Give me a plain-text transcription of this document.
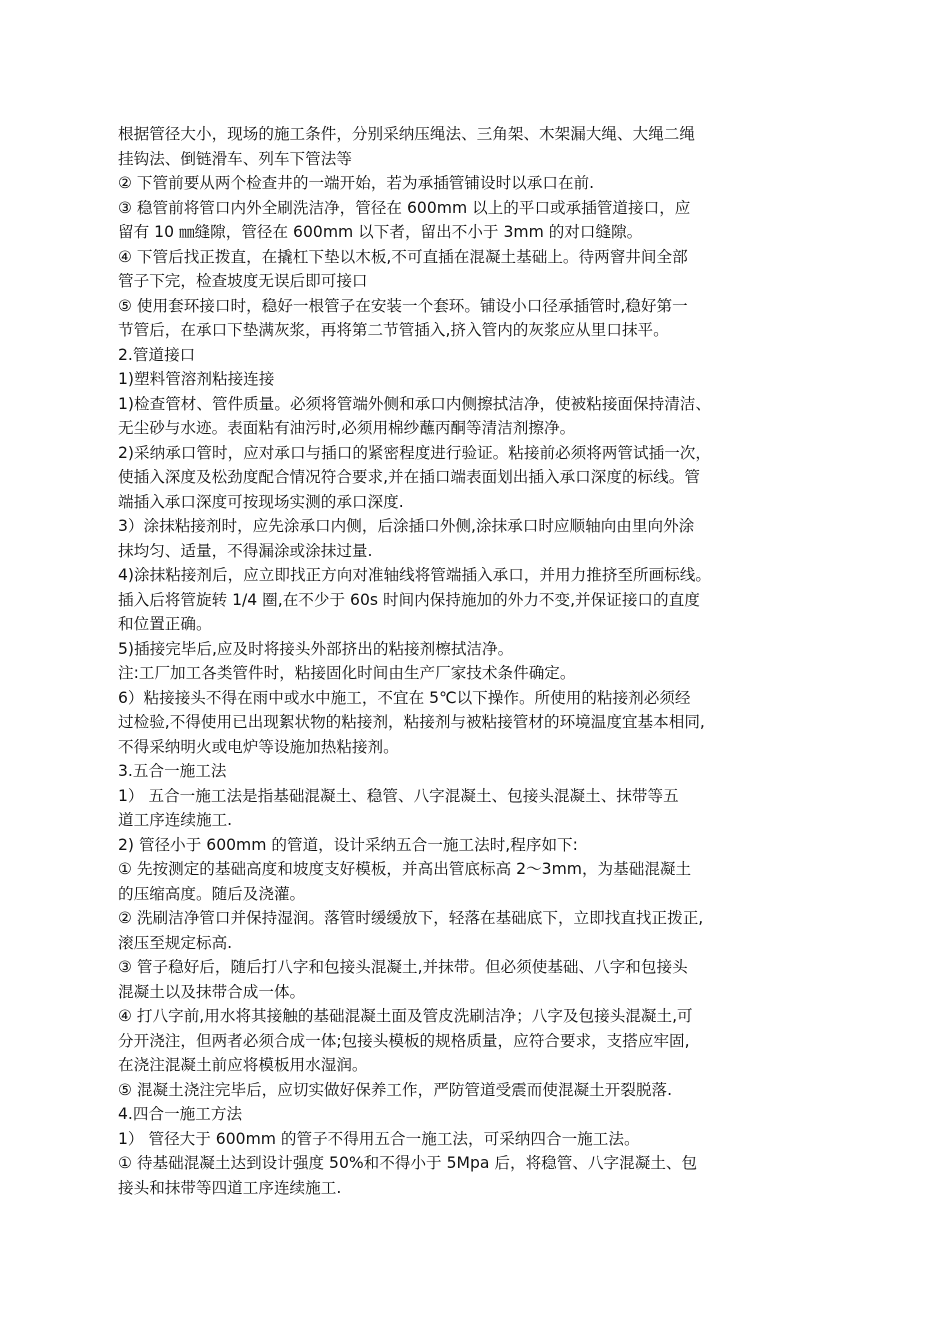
根据管径大小，现场的施工条件，分别采纳压绳法、三角架、木架漏大绳、大绳二绳
挂钩法、倒链滑车、列车下管法等
② 下管前要从两个检查井的一端开始，若为承插管铺设时以承口在前.
③ 稳管前将管口内外全刷洗洁净，管径在 600mm 以上的平口或承插管道接口，应
留有 10 ㎜缝隙，管径在 600mm 以下者，留出不小于 3mm 的对口缝隙。
④ 下管后找正拨直，在撬杠下垫以木板,不可直插在混凝土基础上。待两窨井间全部
管子下完，检查坡度无误后即可接口
⑤ 使用套环接口时，稳好一根管子在安装一个套环。铺设小口径承插管时,稳好第一
节管后，在承口下垫满灰浆，再将第二节管插入,挤入管内的灰浆应从里口抹平。
2.管道接口
1)塑料管溶剂粘接连接
1)检查管材、管件质量。必须将管端外侧和承口内侧擦拭洁净，使被粘接面保持清洁、
无尘砂与水迹。表面粘有油污时,必须用棉纱蘸丙酮等清洁剂擦净。
2)采纳承口管时，应对承口与插口的紧密程度进行验证。粘接前必须将两管试插一次，
使插入深度及松劲度配合情况符合要求,并在插口端表面划出插入承口深度的标线。管
端插入承口深度可按现场实测的承口深度.
3）涂抹粘接剂时，应先涂承口内侧，后涂插口外侧,涂抹承口时应顺轴向由里向外涂
抹均匀、适量，不得漏涂或涂抹过量.
4)涂抹粘接剂后，应立即找正方向对准轴线将管端插入承口，并用力推挤至所画标线。
插入后将管旋转 1/4 圈,在不少于 60s 时间内保持施加的外力不变,并保证接口的直度
和位置正确。
5)插接完毕后,应及时将接头外部挤出的粘接剂檫拭洁净。
注:工厂加工各类管件时，粘接固化时间由生产厂家技术条件确定。
6）粘接接头不得在雨中或水中施工，不宜在 5℃以下操作。所使用的粘接剂必须经
过检验,不得使用已出现絮状物的粘接剂，粘接剂与被粘接管材的环境温度宜基本相同,
不得采纳明火或电炉等设施加热粘接剂。
3.五合一施工法
1） 五合一施工法是指基础混凝土、稳管、八字混凝土、包接头混凝土、抹带等五
道工序连续施工.
2) 管径小于 600mm 的管道，设计采纳五合一施工法时,程序如下:
① 先按测定的基础高度和坡度支好模板，并高出管底标高 2～3mm，为基础混凝土
的压缩高度。随后及浇灌。
② 洗刷洁净管口并保持湿润。落管时缓缓放下，轻落在基础底下，立即找直找正拨正,
滚压至规定标高.
③ 管子稳好后，随后打八字和包接头混凝土,并抹带。但必须使基础、八字和包接头
混凝土以及抹带合成一体。
④ 打八字前,用水将其接触的基础混凝土面及管皮洗刷洁净；八字及包接头混凝土,可
分开浇注，但两者必须合成一体;包接头模板的规格质量，应符合要求，支搭应牢固,
在浇注混凝土前应将模板用水湿润。
⑤ 混凝土浇注完毕后，应切实做好保养工作，严防管道受震而使混凝土开裂脱落.
4.四合一施工方法
1） 管径大于 600mm 的管子不得用五合一施工法，可采纳四合一施工法。
① 待基础混凝土达到设计强度 50%和不得小于 5Mpa 后，将稳管、八字混凝土、包
接头和抹带等四道工序连续施工.
